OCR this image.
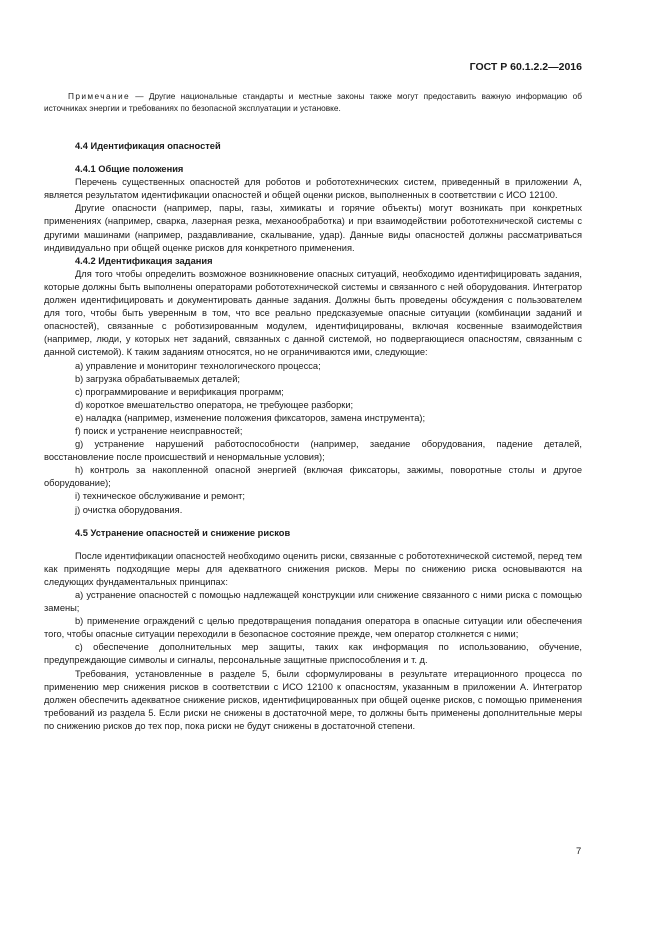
ГОСТ Р 60.1.2.2—2016

Примечание — Другие национальные стандарты и местные законы также могут предоставить важную информацию об источниках энергии и требованиях по безопасной эксплуатации и установке.

4.4 Идентификация опасностей

4.4.1 Общие положения

Перечень существенных опасностей для роботов и робототехнических систем, приведенный в приложении А, является результатом идентификации опасностей и общей оценки рисков, выполненных в соответствии с ИСО 12100.

Другие опасности (например, пары, газы, химикаты и горячие объекты) могут возникать при конкретных применениях (например, сварка, лазерная резка, механообработка) и при взаимодействии робототехнической системы с другими машинами (например, раздавливание, скалывание, удар). Данные виды опасностей должны рассматриваться индивидуально при общей оценке рисков для конкретного применения.

4.4.2 Идентификация задания

Для того чтобы определить возможное возникновение опасных ситуаций, необходимо идентифицировать задания, которые должны быть выполнены операторами робототехнической системы и связанного с ней оборудования. Интегратор должен идентифицировать и документировать данные задания. Должны быть проведены обсуждения с пользователем для того, чтобы быть уверенным в том, что все реально предсказуемые опасные ситуации (комбинации заданий и опасностей), связанные с роботизированным модулем, идентифицированы, включая косвенные взаимодействия (например, люди, у которых нет заданий, связанных с данной системой, но подвергающиеся опасностям, связанным с данной системой). К таким заданиям относятся, но не ограничиваются ими, следующие:

a) управление и мониторинг технологического процесса;

b) загрузка обрабатываемых деталей;

c) программирование и верификация программ;

d) короткое вмешательство оператора, не требующее разборки;

e) наладка (например, изменение положения фиксаторов, замена инструмента);

f) поиск и устранение неисправностей;

g) устранение нарушений работоспособности (например, заедание оборудования, падение деталей, восстановление после происшествий и ненормальные условия);

h) контроль за накопленной опасной энергией (включая фиксаторы, зажимы, поворотные столы и другое оборудование);

i) техническое обслуживание и ремонт;

j) очистка оборудования.

4.5 Устранение опасностей и снижение рисков

После идентификации опасностей необходимо оценить риски, связанные с робототехнической системой, перед тем как применять подходящие меры для адекватного снижения рисков. Меры по снижению риска основываются на следующих фундаментальных принципах:

a) устранение опасностей с помощью надлежащей конструкции или снижение связанного с ними риска с помощью замены;

b) применение ограждений с целью предотвращения попадания оператора в опасные ситуации или обеспечения того, чтобы опасные ситуации переходили в безопасное состояние прежде, чем оператор столкнется с ними;

c) обеспечение дополнительных мер защиты, таких как информация по использованию, обучение, предупреждающие символы и сигналы, персональные защитные приспособления и т. д.

Требования, установленные в разделе 5, были сформулированы в результате итерационного процесса по применению мер снижения рисков в соответствии с ИСО 12100 к опасностям, указанным в приложении А. Интегратор должен обеспечить адекватное снижение рисков, идентифицированных при общей оценке рисков, с помощью применения требований из раздела 5. Если риски не снижены в достаточной мере, то должны быть применены дополнительные меры по снижению рисков до тех пор, пока риски не будут снижены в достаточной степени.

7
